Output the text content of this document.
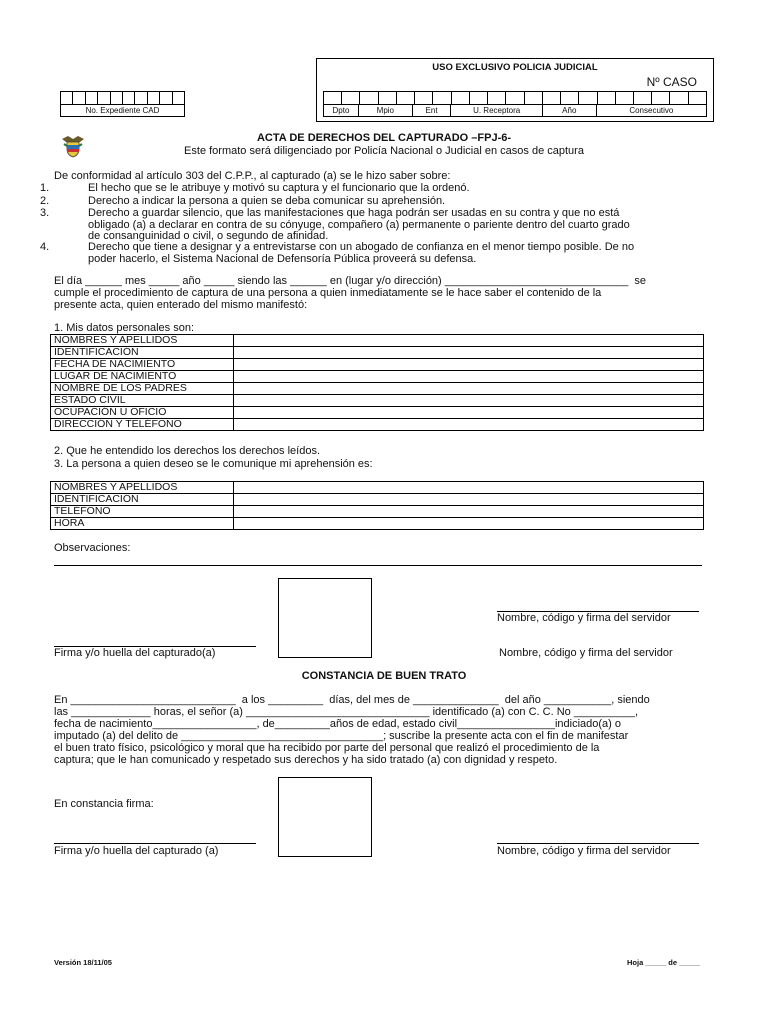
No. Expediente CAD
USO EXCLUSIVO POLICIA JUDICIAL
Nº CASO
Dpto	Mpio	Ent	U. Receptora	Año	Consecutivo
ACTA DE DERECHOS DEL CAPTURADO –FPJ-6-
Este formato será diligenciado por Policía Nacional o Judicial en casos de captura
De conformidad al artículo 303 del C.P.P., al capturado (a) se le hizo saber sobre:
1.	El hecho que se le atribuye y motivó su captura y el funcionario que la ordenó.
2.	Derecho a indicar la persona a quien se deba comunicar su aprehensión.
3.	Derecho a guardar silencio, que las manifestaciones que haga podrán ser usadas en su contra y que no está
obligado (a) a declarar en contra de su cónyuge, compañero (a) permanente o pariente dentro del cuarto grado
de consanguinidad o civil, o segundo de afinidad.
4.	Derecho que tiene a designar y a entrevistarse con un abogado de confianza en el menor tiempo posible. De no
poder hacerlo, el Sistema Nacional de Defensoría Pública proveerá su defensa.
El día ______ mes _____ año _____ siendo las ______ en (lugar y/o dirección) ______________________________  se
cumple el procedimiento de captura de una persona a quien inmediatamente se le hace saber el contenido de la
presente acta, quien enterado del mismo manifestó:
1. Mis datos personales son:
NOMBRES Y APELLIDOS	
IDENTIFICACIÓN	
FECHA DE NACIMIENTO	
LUGAR DE NACIMIENTO	
NOMBRE DE LOS PADRES	
ESTADO CIVIL	
OCUPACIÓN U OFICIO	
DIRECCIÓN Y TELÉFONO	
2. Que he entendido los derechos los derechos leídos.
3. La persona a quien deseo se le comunique mi aprehensión es:
NOMBRES Y APELLIDOS	
IDENTIFICACIÓN	
TELÉFONO	
HORA	
Observaciones:
Nombre, código y firma del servidor
Firma y/o huella del capturado(a)	Nombre, código y firma del servidor
CONSTANCIA DE BUEN TRATO
En ___________________________  a los _________  días, del mes de ______________  del año ___________, siendo
las _____________ horas, el señor (a) ______________________________ identificado (a) con C. C. No __________,
fecha de nacimiento_________________, de_________años de edad, estado civil________________indiciado(a) o
imputado (a) del delito de _________________________________; suscribe la presente acta con el fin de manifestar
el buen trato físico, psicológico y moral que ha recibido por parte del personal que realizó el procedimiento de la
captura; que le han comunicado y respetado sus derechos y ha sido tratado (a) con dignidad y respeto.
En constancia firma:
Firma y/o huella del capturado (a)	Nombre, código y firma del servidor
Versión 18/11/05	Hoja _____ de _____
